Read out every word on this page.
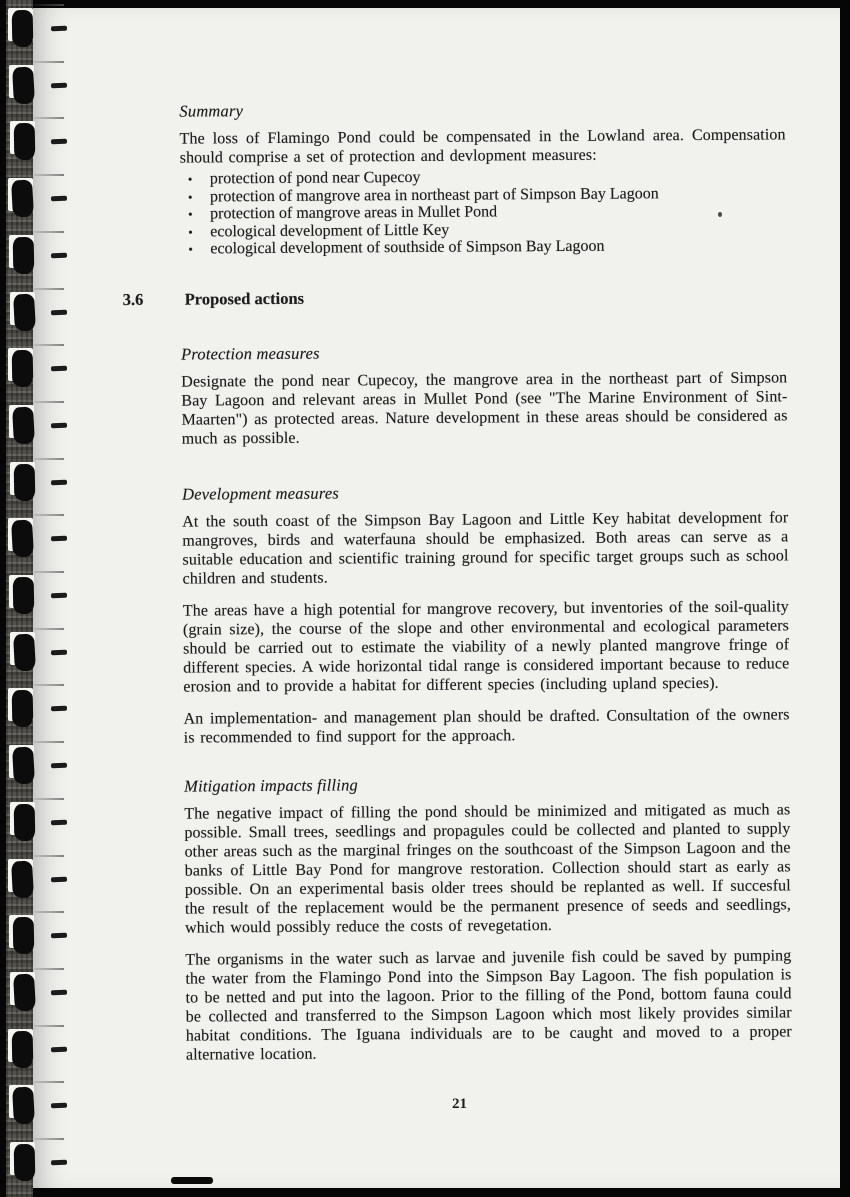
Summary

The loss of Flamingo Pond could be compensated in the Lowland area. Compensation should comprise a set of protection and devlopment measures:

•	protection of pond near Cupecoy
•	protection of mangrove area in northeast part of Simpson Bay Lagoon
•	protection of mangrove areas in Mullet Pond
•	ecological development of Little Key
•	ecological development of southside of Simpson Bay Lagoon
3.6	Proposed actions
Protection measures

Designate the pond near Cupecoy, the mangrove area in the northeast part of Simpson Bay Lagoon and relevant areas in Mullet Pond (see "The Marine Environment of Sint-Maarten") as protected areas. Nature development in these areas should be considered as much as possible.

Development measures

At the south coast of the Simpson Bay Lagoon and Little Key habitat development for mangroves, birds and waterfauna should be emphasized. Both areas can serve as a suitable education and scientific training ground for specific target groups such as school children and students.

The areas have a high potential for mangrove recovery, but inventories of the soil-quality (grain size), the course of the slope and other environmental and ecological parameters should be carried out to estimate the viability of a newly planted mangrove fringe of different species. A wide horizontal tidal range is considered important because to reduce erosion and to provide a habitat for different species (including upland species).

An implementation- and management plan should be drafted. Consultation of the owners is recommended to find support for the approach.

Mitigation impacts filling

The negative impact of filling the pond should be minimized and mitigated as much as possible. Small trees, seedlings and propagules could be collected and planted to supply other areas such as the marginal fringes on the southcoast of the Simpson Lagoon and the banks of Little Bay Pond for mangrove restoration. Collection should start as early as possible. On an experimental basis older trees should be replanted as well. If succesful the result of the replacement would be the permanent presence of seeds and seedlings, which would possibly reduce the costs of revegetation.

The organisms in the water such as larvae and juvenile fish could be saved by pumping the water from the Flamingo Pond into the Simpson Bay Lagoon. The fish population is to be netted and put into the lagoon. Prior to the filling of the Pond, bottom fauna could be collected and transferred to the Simpson Lagoon which most likely provides similar habitat conditions. The Iguana individuals are to be caught and moved to a proper alternative location.

21
